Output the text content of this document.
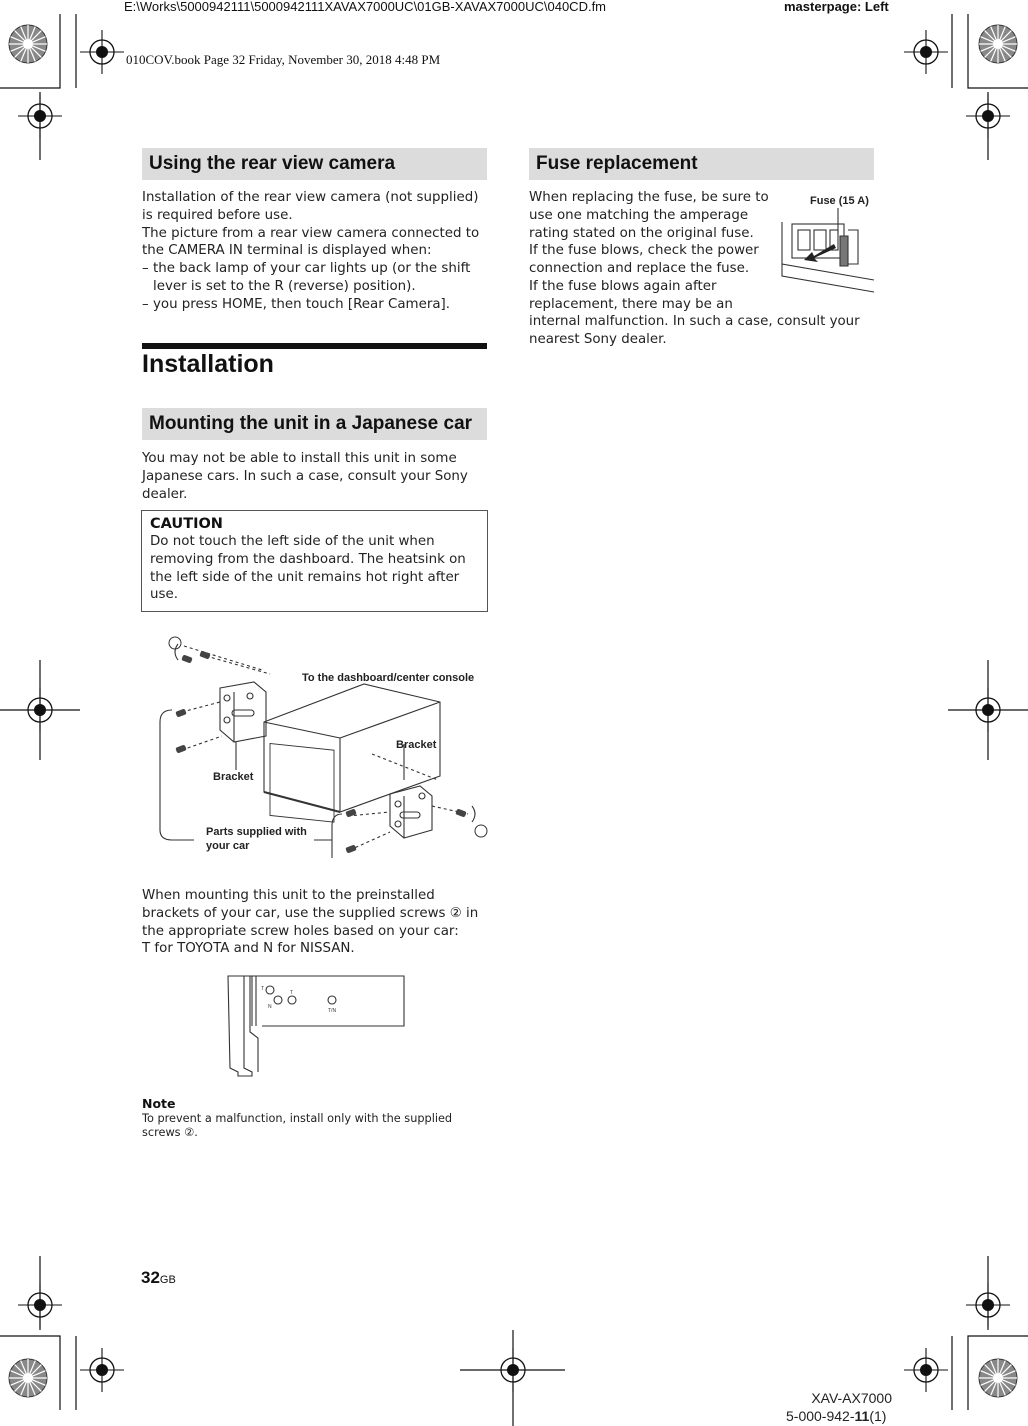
E:\Works\5000942111\5000942111XAVAX7000UC\01GB-XAVAX7000UC\040CD.fm	masterpage: Left
010COV.book Page 32 Friday, November 30, 2018 4:48 PM
Using the rear view camera

Installation of the rear view camera (not supplied) is required before use.

The picture from a rear view camera connected to the CAMERA IN terminal is displayed when:

– the back lamp of your car lights up (or the shift lever is set to the R (reverse) position).

– you press HOME, then touch [Rear Camera].

Installation
Mounting the unit in a Japanese car
You may not be able to install this unit in some Japanese cars. In such a case, consult your Sony dealer.
CAUTION
Do not touch the left side of the unit when removing from the dashboard. The heatsink on the left side of the unit remains hot right after use.
To the dashboard/center console
Bracket
Bracket
Parts supplied with
your car

When mounting this unit to the preinstalled brackets of your car, use the supplied screws ② in the appropriate screw holes based on your car:

T for TOYOTA and N for NISSAN.

T
T
N
T/N
Note
To prevent a malfunction, install only with the supplied screws ②.
Fuse replacement

When replacing the fuse, be sure to use one matching the amperage rating stated on the original fuse.

If the fuse blows, check the power connection and replace the fuse.

If the fuse blows again after replacement, there may be an

internal malfunction. In such a case, consult your nearest Sony dealer.
Fuse (15 A)
32GB
XAV-AX7000
5-000-942-11(1)
